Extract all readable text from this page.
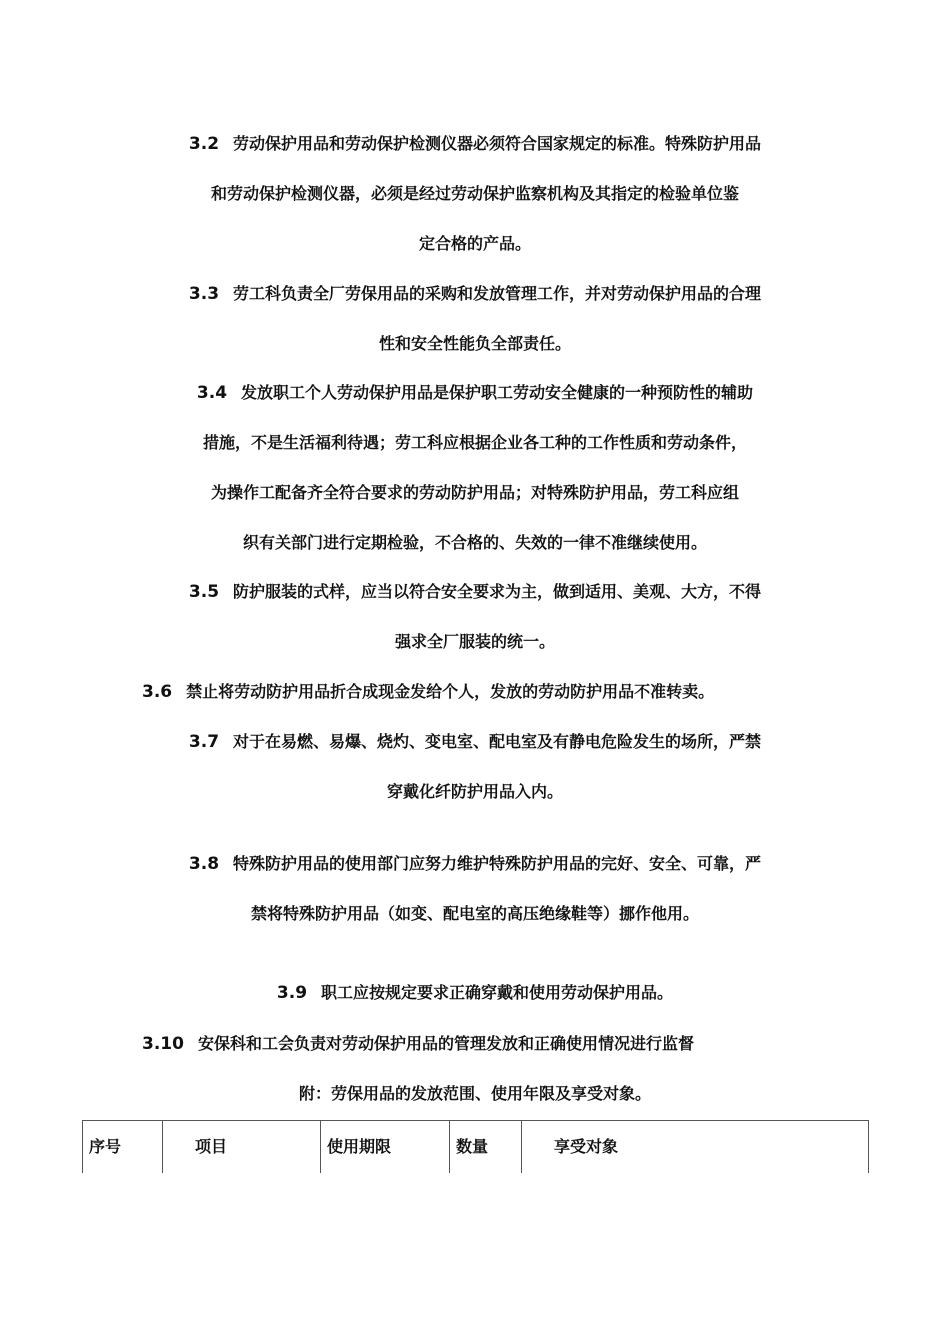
3.2 劳动保护用品和劳动保护检测仪器必须符合国家规定的标准。特殊防护用品
和劳动保护检测仪器，必须是经过劳动保护监察机构及其指定的检验单位鉴
定合格的产品。
3.3 劳工科负责全厂劳保用品的采购和发放管理工作，并对劳动保护用品的合理
性和安全性能负全部责任。
3.4 发放职工个人劳动保护用品是保护职工劳动安全健康的一种预防性的辅助
措施，不是生活福利待遇；劳工科应根据企业各工种的工作性质和劳动条件，
为操作工配备齐全符合要求的劳动防护用品；对特殊防护用品，劳工科应组
织有关部门进行定期检验，不合格的、失效的一律不准继续使用。
3.5 防护服装的式样，应当以符合安全要求为主，做到适用、美观、大方，不得
强求全厂服装的统一。
3.6 禁止将劳动防护用品折合成现金发给个人，发放的劳动防护用品不准转卖。
3.7 对于在易燃、易爆、烧灼、变电室、配电室及有静电危险发生的场所，严禁
穿戴化纤防护用品入内。
3.8 特殊防护用品的使用部门应努力维护特殊防护用品的完好、安全、可靠，严
禁将特殊防护用品（如变、配电室的高压绝缘鞋等）挪作他用。
3.9 职工应按规定要求正确穿戴和使用劳动保护用品。
3.10 安保科和工会负责对劳动保护用品的管理发放和正确使用情况进行监督
附：劳保用品的发放范围、使用年限及享受对象。
序号	项目	使用期限	数量	享受对象
